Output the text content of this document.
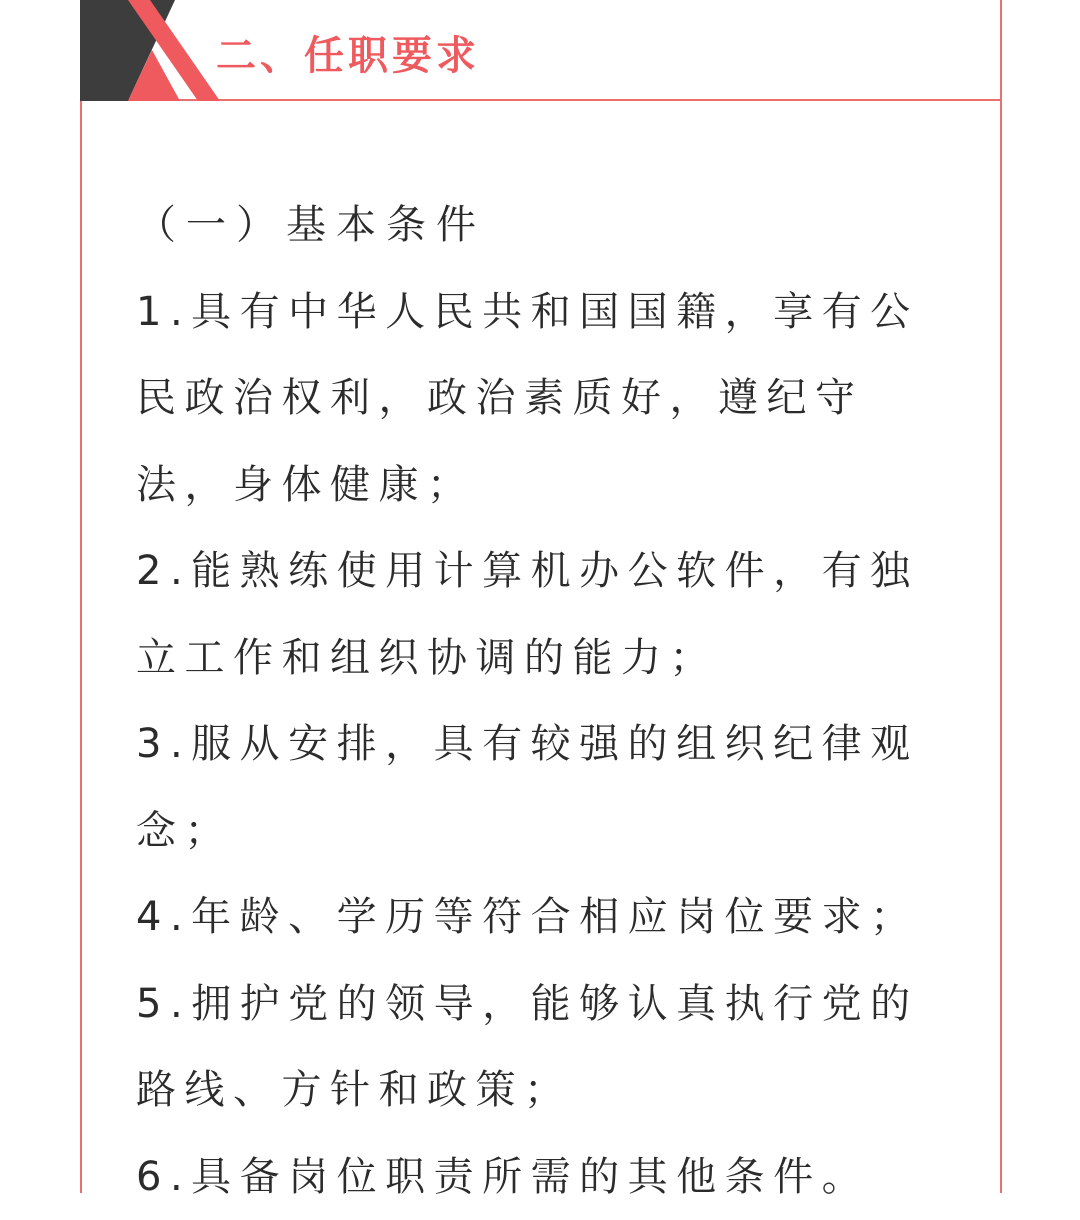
二、任职要求

（一）基本条件

1.具有中华人民共和国国籍，享有公民政治权利，政治素质好，遵纪守法，身体健康；

2.能熟练使用计算机办公软件，有独立工作和组织协调的能力；

3.服从安排，具有较强的组织纪律观念；

4.年龄、学历等符合相应岗位要求；

5.拥护党的领导，能够认真执行党的路线、方针和政策；

6.具备岗位职责所需的其他条件。
